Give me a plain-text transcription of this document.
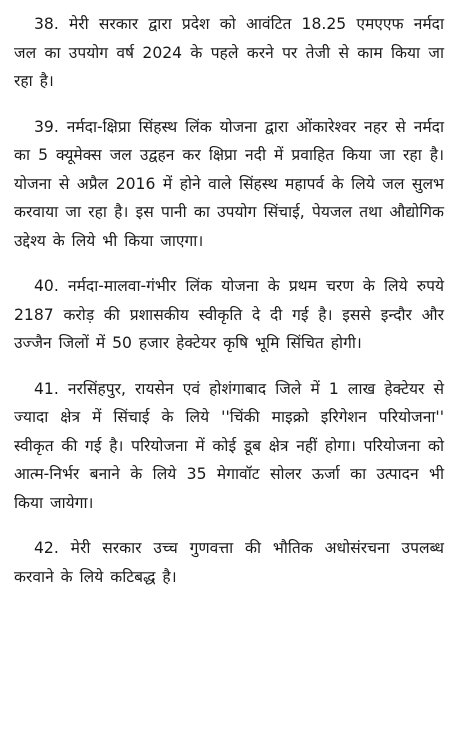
38. मेरी सरकार द्वारा प्रदेश को आवंटित 18.25 एमएएफ नर्मदा जल का उपयोग वर्ष 2024 के पहले करने पर तेजी से काम किया जा रहा है।

39. नर्मदा-क्षिप्रा सिंहस्थ लिंक योजना द्वारा ओंकारेश्वर नहर से नर्मदा का 5 क्यूमेक्स जल उद्वहन कर क्षिप्रा नदी में प्रवाहित किया जा रहा है। योजना से अप्रैल 2016 में होने वाले सिंहस्थ महापर्व के लिये जल सुलभ करवाया जा रहा है। इस पानी का उपयोग सिंचाई, पेयजल तथा औद्योगिक उद्देश्य के लिये भी किया जाएगा।

40. नर्मदा-मालवा-गंभीर लिंक योजना के प्रथम चरण के लिये रुपये 2187 करोड़ की प्रशासकीय स्वीकृति दे दी गई है। इससे इन्दौर और उज्जैन जिलों में 50 हजार हेक्टेयर कृषि भूमि सिंचित होगी।

41. नरसिंहपुर, रायसेन एवं होशंगाबाद जिले में 1 लाख हेक्टेयर से ज्यादा क्षेत्र में सिंचाई के लिये ''चिंकी माइक्रो इरिगेशन परियोजना'' स्वीकृत की गई है। परियोजना में कोई डूब क्षेत्र नहीं होगा। परियोजना को आत्म-निर्भर बनाने के लिये 35 मेगावॉट सोलर ऊर्जा का उत्पादन भी किया जायेगा।

42. मेरी सरकार उच्च गुणवत्ता की भौतिक अधोसंरचना उपलब्ध करवाने के लिये कटिबद्ध है।
